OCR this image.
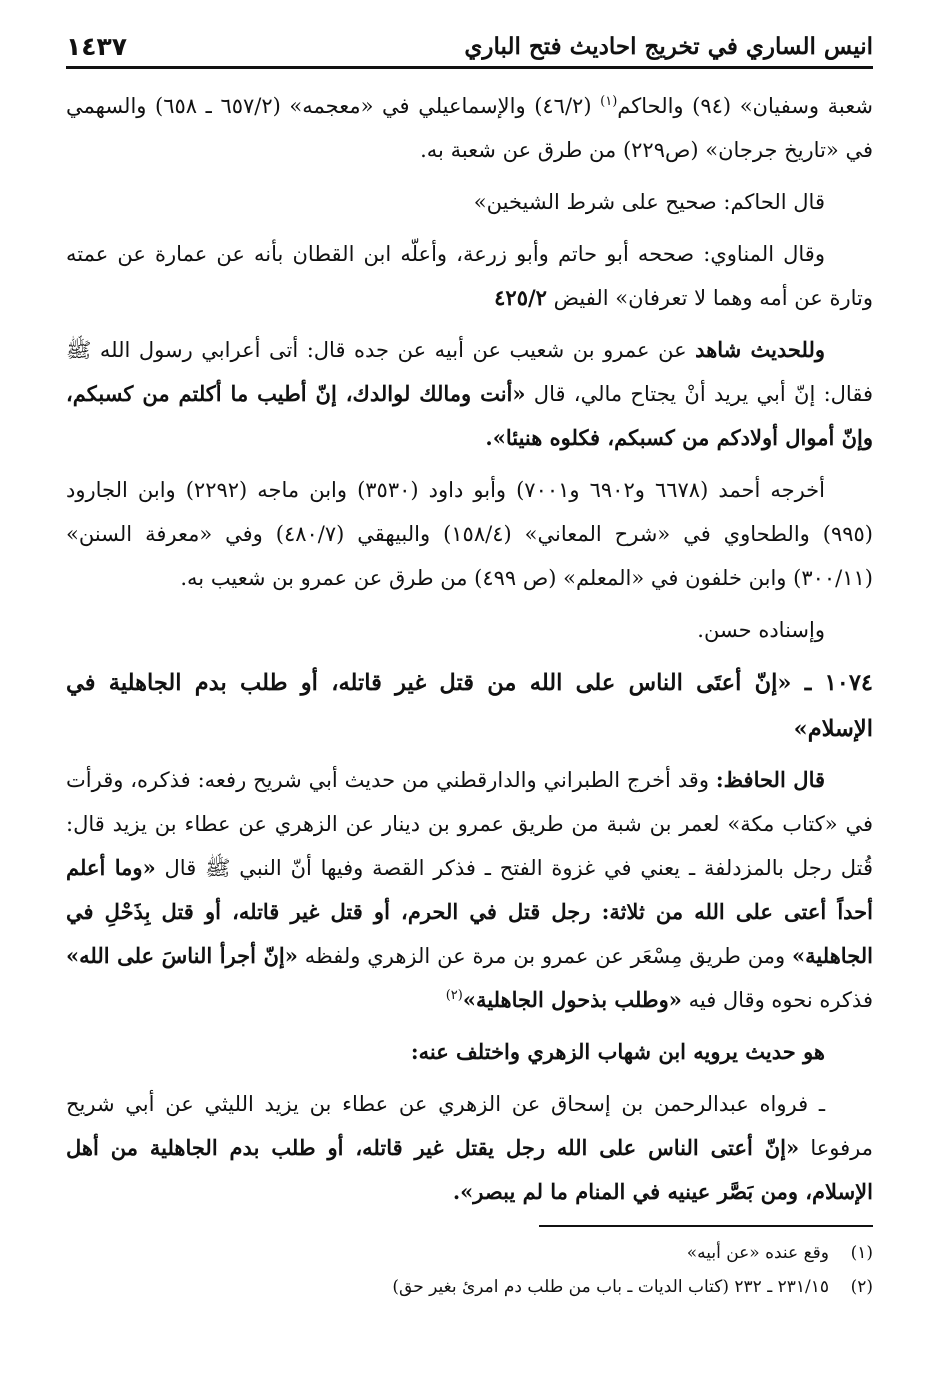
انيس الساري في تخريج احاديث فتح الباري
١٤٣٧

شعبة وسفيان» (٩٤) والحاكم$^{(١)}$ (٤٦/٢) والإسماعيلي في «معجمه» (٦٥٧/٢ ـ ٦٥٨) والسهمي في «تاريخ جرجان» (ص٢٢٩) من طرق عن شعبة به.

قال الحاكم: صحيح على شرط الشيخين»

وقال المناوي: صححه أبو حاتم وأبو زرعة، وأعلّه ابن القطان بأنه عن عمارة عن عمته وتارة عن أمه وهما لا تعرفان» الفيض ٤٢٥/٢

وللحديث شاهد عن عمرو بن شعيب عن أبيه عن جده قال: أتى أعرابي رسول الله ﷺ فقال: إنّ أبي يريد أنْ يجتاح مالي، قال «أنت ومالك لوالدك، إنّ أطيب ما أكلتم من كسبكم، وإنّ أموال أولادكم من كسبكم، فكلوه هنيئا».

أخرجه أحمد (٦٦٧٨ و٦٩٠٢ و٧٠٠١) وأبو داود (٣٥٣٠) وابن ماجه (٢٢٩٢) وابن الجارود (٩٩٥) والطحاوي في «شرح المعاني» (١٥٨/٤) والبيهقي (٤٨٠/٧) وفي «معرفة السنن» (٣٠٠/١١) وابن خلفون في «المعلم» (ص ٤٩٩) من طرق عن عمرو بن شعيب به.

وإسناده حسن.

١٠٧٤ ـ «إنّ أعتَى الناس على الله من قتل غير قاتله، أو طلب بدم الجاهلية في الإسلام»

قال الحافظ: وقد أخرج الطبراني والدارقطني من حديث أبي شريح رفعه: فذكره، وقرأت في «كتاب مكة» لعمر بن شبة من طريق عمرو بن دينار عن الزهري عن عطاء بن يزيد قال: قُتل رجل بالمزدلفة ـ يعني في غزوة الفتح ـ فذكر القصة وفيها أنّ النبي ﷺ قال «وما أعلم أحداً أعتى على الله من ثلاثة: رجل قتل في الحرم، أو قتل غير قاتله، أو قتل بِذَحْلِ في الجاهلية» ومن طريق مِسْعَر عن عمرو بن مرة عن الزهري ولفظه «إنّ أجرأ الناسَ على الله» فذكره نحوه وقال فيه «وطلب بذحول الجاهلية»$^{(٢)}$

هو حديث يرويه ابن شهاب الزهري واختلف عنه:

ـ فرواه عبدالرحمن بن إسحاق عن الزهري عن عطاء بن يزيد الليثي عن أبي شريح مرفوعا «إنّ أعتى الناس على الله رجل يقتل غير قاتله، أو طلب بدم الجاهلية من أهل الإسلام، ومن بَصَّر عينيه في المنام ما لم يبصر».

(١)
وقع عنده «عن أبيه»
(٢)
٢٣١/١٥ ـ ٢٣٢ (كتاب الديات ـ باب من طلب دم امرئ بغير حق)
